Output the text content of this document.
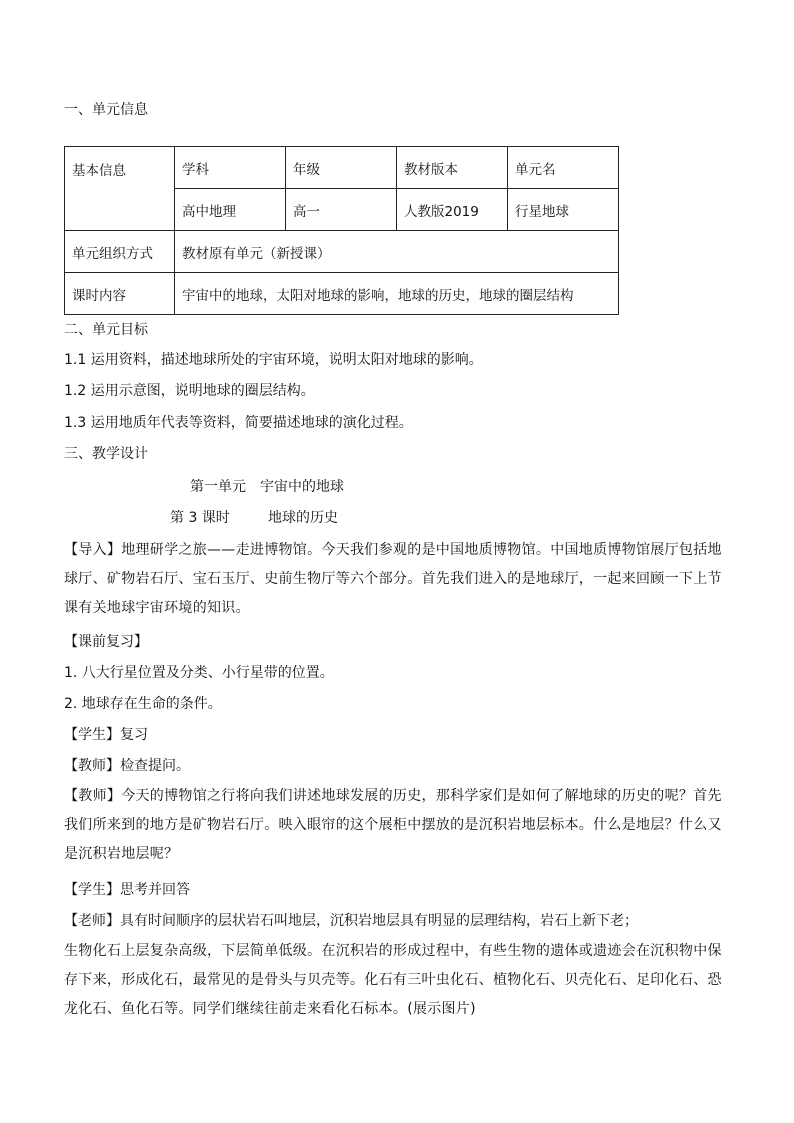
一、单元信息
基本信息	学科	年级	教材版本	单元名
	高中地理	高一	人教版2019	行星地球
单元组织方式	教材原有单元（新授课）			
课时内容	宇宙中的地球，太阳对地球的影响，地球的历史，地球的圈层结构			
二、单元目标
1.1 运用资料，描述地球所处的宇宙环境，说明太阳对地球的影响。
1.2 运用示意图，说明地球的圈层结构。
1.3 运用地质年代表等资料，简要描述地球的演化过程。
三、教学设计
第一单元　宇宙中的地球
第 3 课时	地球的历史
【导入】地理研学之旅——走进博物馆。今天我们参观的是中国地质博物馆。中国地质博物馆展厅包括地球厅、矿物岩石厅、宝石玉厅、史前生物厅等六个部分。首先我们进入的是地球厅，一起来回顾一下上节课有关地球宇宙环境的知识。
【课前复习】
1. 八大行星位置及分类、小行星带的位置。
2. 地球存在生命的条件。
【学生】复习
【教师】检查提问。
【教师】今天的博物馆之行将向我们讲述地球发展的历史，那科学家们是如何了解地球的历史的呢？首先我们所来到的地方是矿物岩石厅。映入眼帘的这个展柜中摆放的是沉积岩地层标本。什么是地层？什么又是沉积岩地层呢？
【学生】思考并回答
【老师】具有时间顺序的层状岩石叫地层，沉积岩地层具有明显的层理结构，岩石上新下老；
生物化石上层复杂高级，下层简单低级。在沉积岩的形成过程中，有些生物的遗体或遗迹会在沉积物中保存下来，形成化石，最常见的是骨头与贝壳等。化石有三叶虫化石、植物化石、贝壳化石、足印化石、恐龙化石、鱼化石等。同学们继续往前走来看化石标本。(展示图片)
